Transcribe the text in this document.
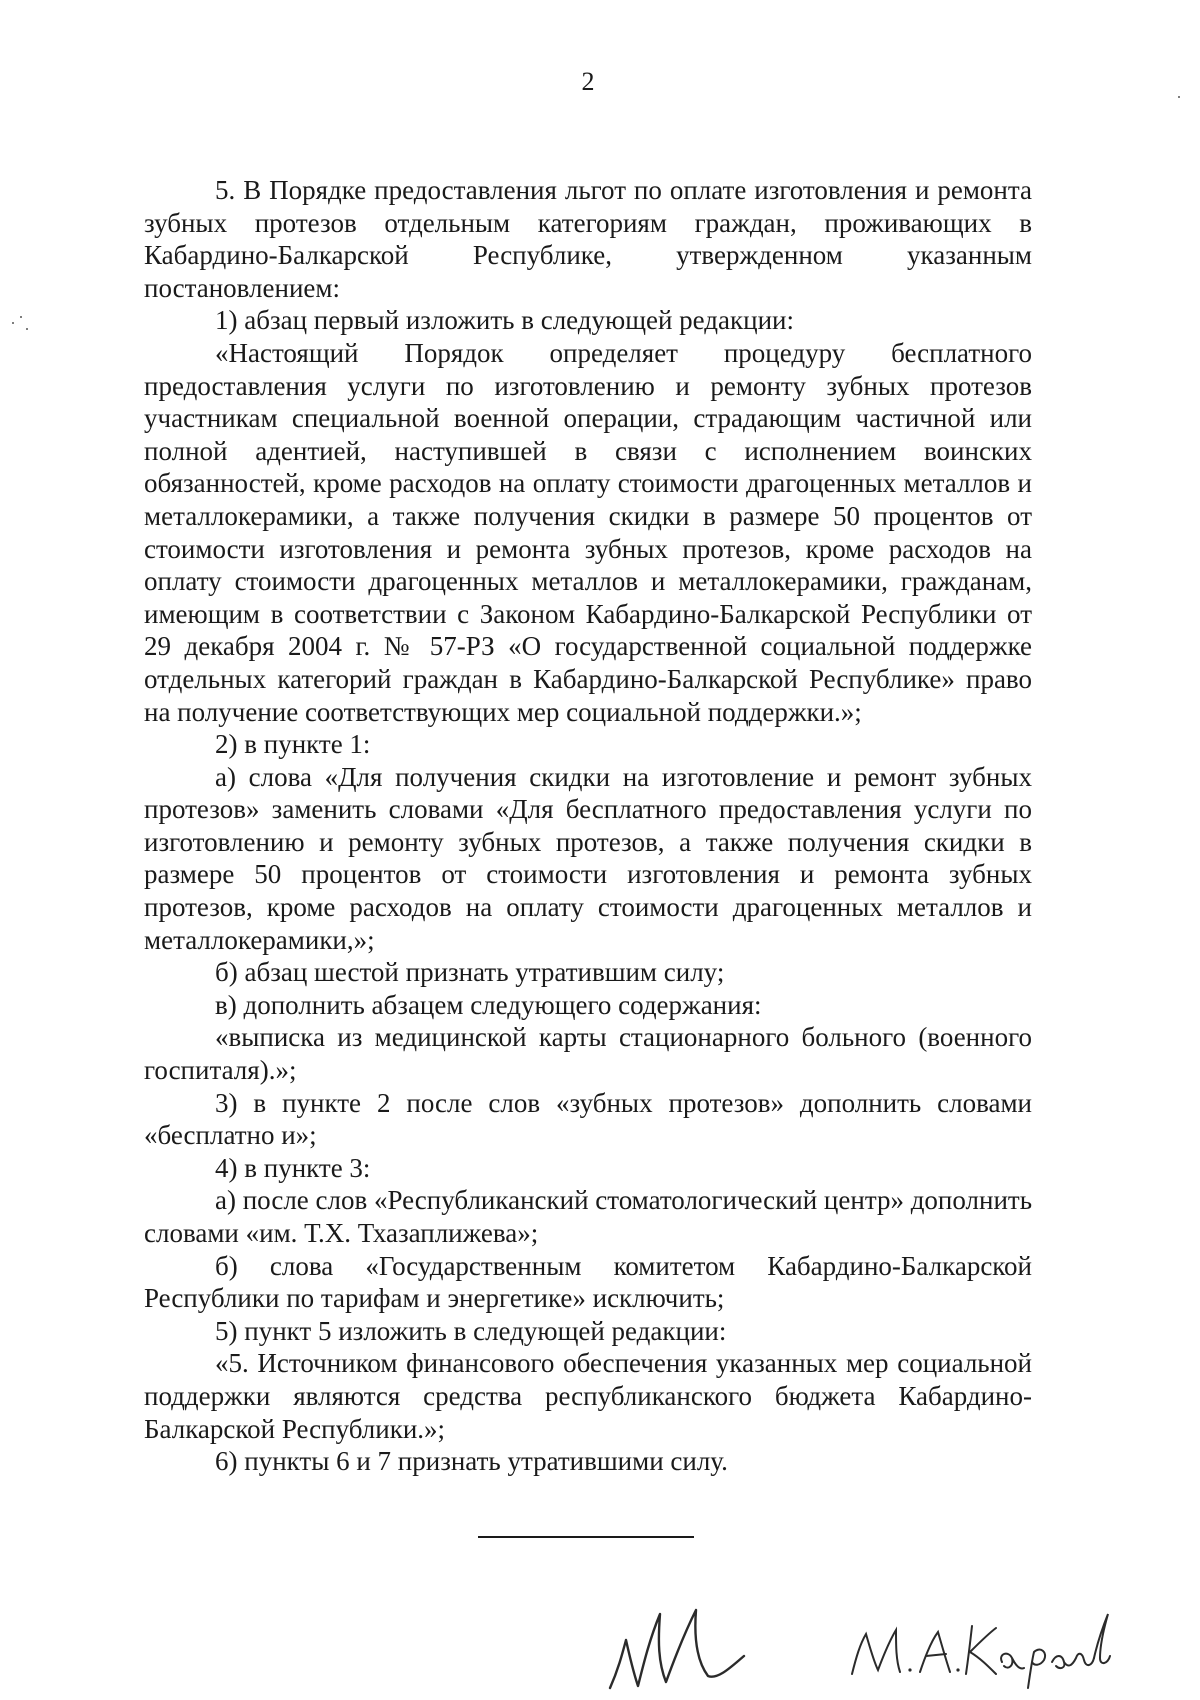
2

5. В Порядке предоставления льгот по оплате изготовления и ремонта зубных протезов отдельным категориям граждан, проживающих в Кабардино-Балкарской Республике, утвержденном указанным постановлением:

1) абзац первый изложить в следующей редакции:

«Настоящий Порядок определяет процедуру бесплатного предоставления услуги по изготовлению и ремонту зубных протезов участникам специальной военной операции, страдающим частичной или полной адентией, наступившей в связи с исполнением воинских обязанностей, кроме расходов на оплату стоимости драгоценных металлов и металлокерамики, а также получения скидки в размере 50 процентов от стоимости изготовления и ремонта зубных протезов, кроме расходов на оплату стоимости драгоценных металлов и металлокерамики, гражданам, имеющим в соответствии с Законом Кабардино-Балкарской Республики от 29 декабря 2004 г. № 57-РЗ «О государственной социальной поддержке отдельных категорий граждан в Кабардино-Балкарской Республике» право на получение соответствующих мер социальной поддержки.»;

2) в пункте 1:

а) слова «Для получения скидки на изготовление и ремонт зубных протезов» заменить словами «Для бесплатного предоставления услуги по изготовлению и ремонту зубных протезов, а также получения скидки в размере 50 процентов от стоимости изготовления и ремонта зубных протезов, кроме расходов на оплату стоимости драгоценных металлов и металлокерамики,»;

б) абзац шестой признать утратившим силу;

в) дополнить абзацем следующего содержания:

«выписка из медицинской карты стационарного больного (военного госпиталя).»;

3) в пункте 2 после слов «зубных протезов» дополнить словами «бесплатно и»;

4) в пункте 3:

а) после слов «Республиканский стоматологический центр» дополнить словами «им. Т.Х. Тхазаплижева»;

б) слова «Государственным комитетом Кабардино-Балкарской Республики по тарифам и энергетике» исключить;

5) пункт 5 изложить в следующей редакции:

«5. Источником финансового обеспечения указанных мер социальной поддержки являются средства республиканского бюджета Кабардино-Балкарской Республики.»;

6) пункты 6 и 7 признать утратившими силу.
